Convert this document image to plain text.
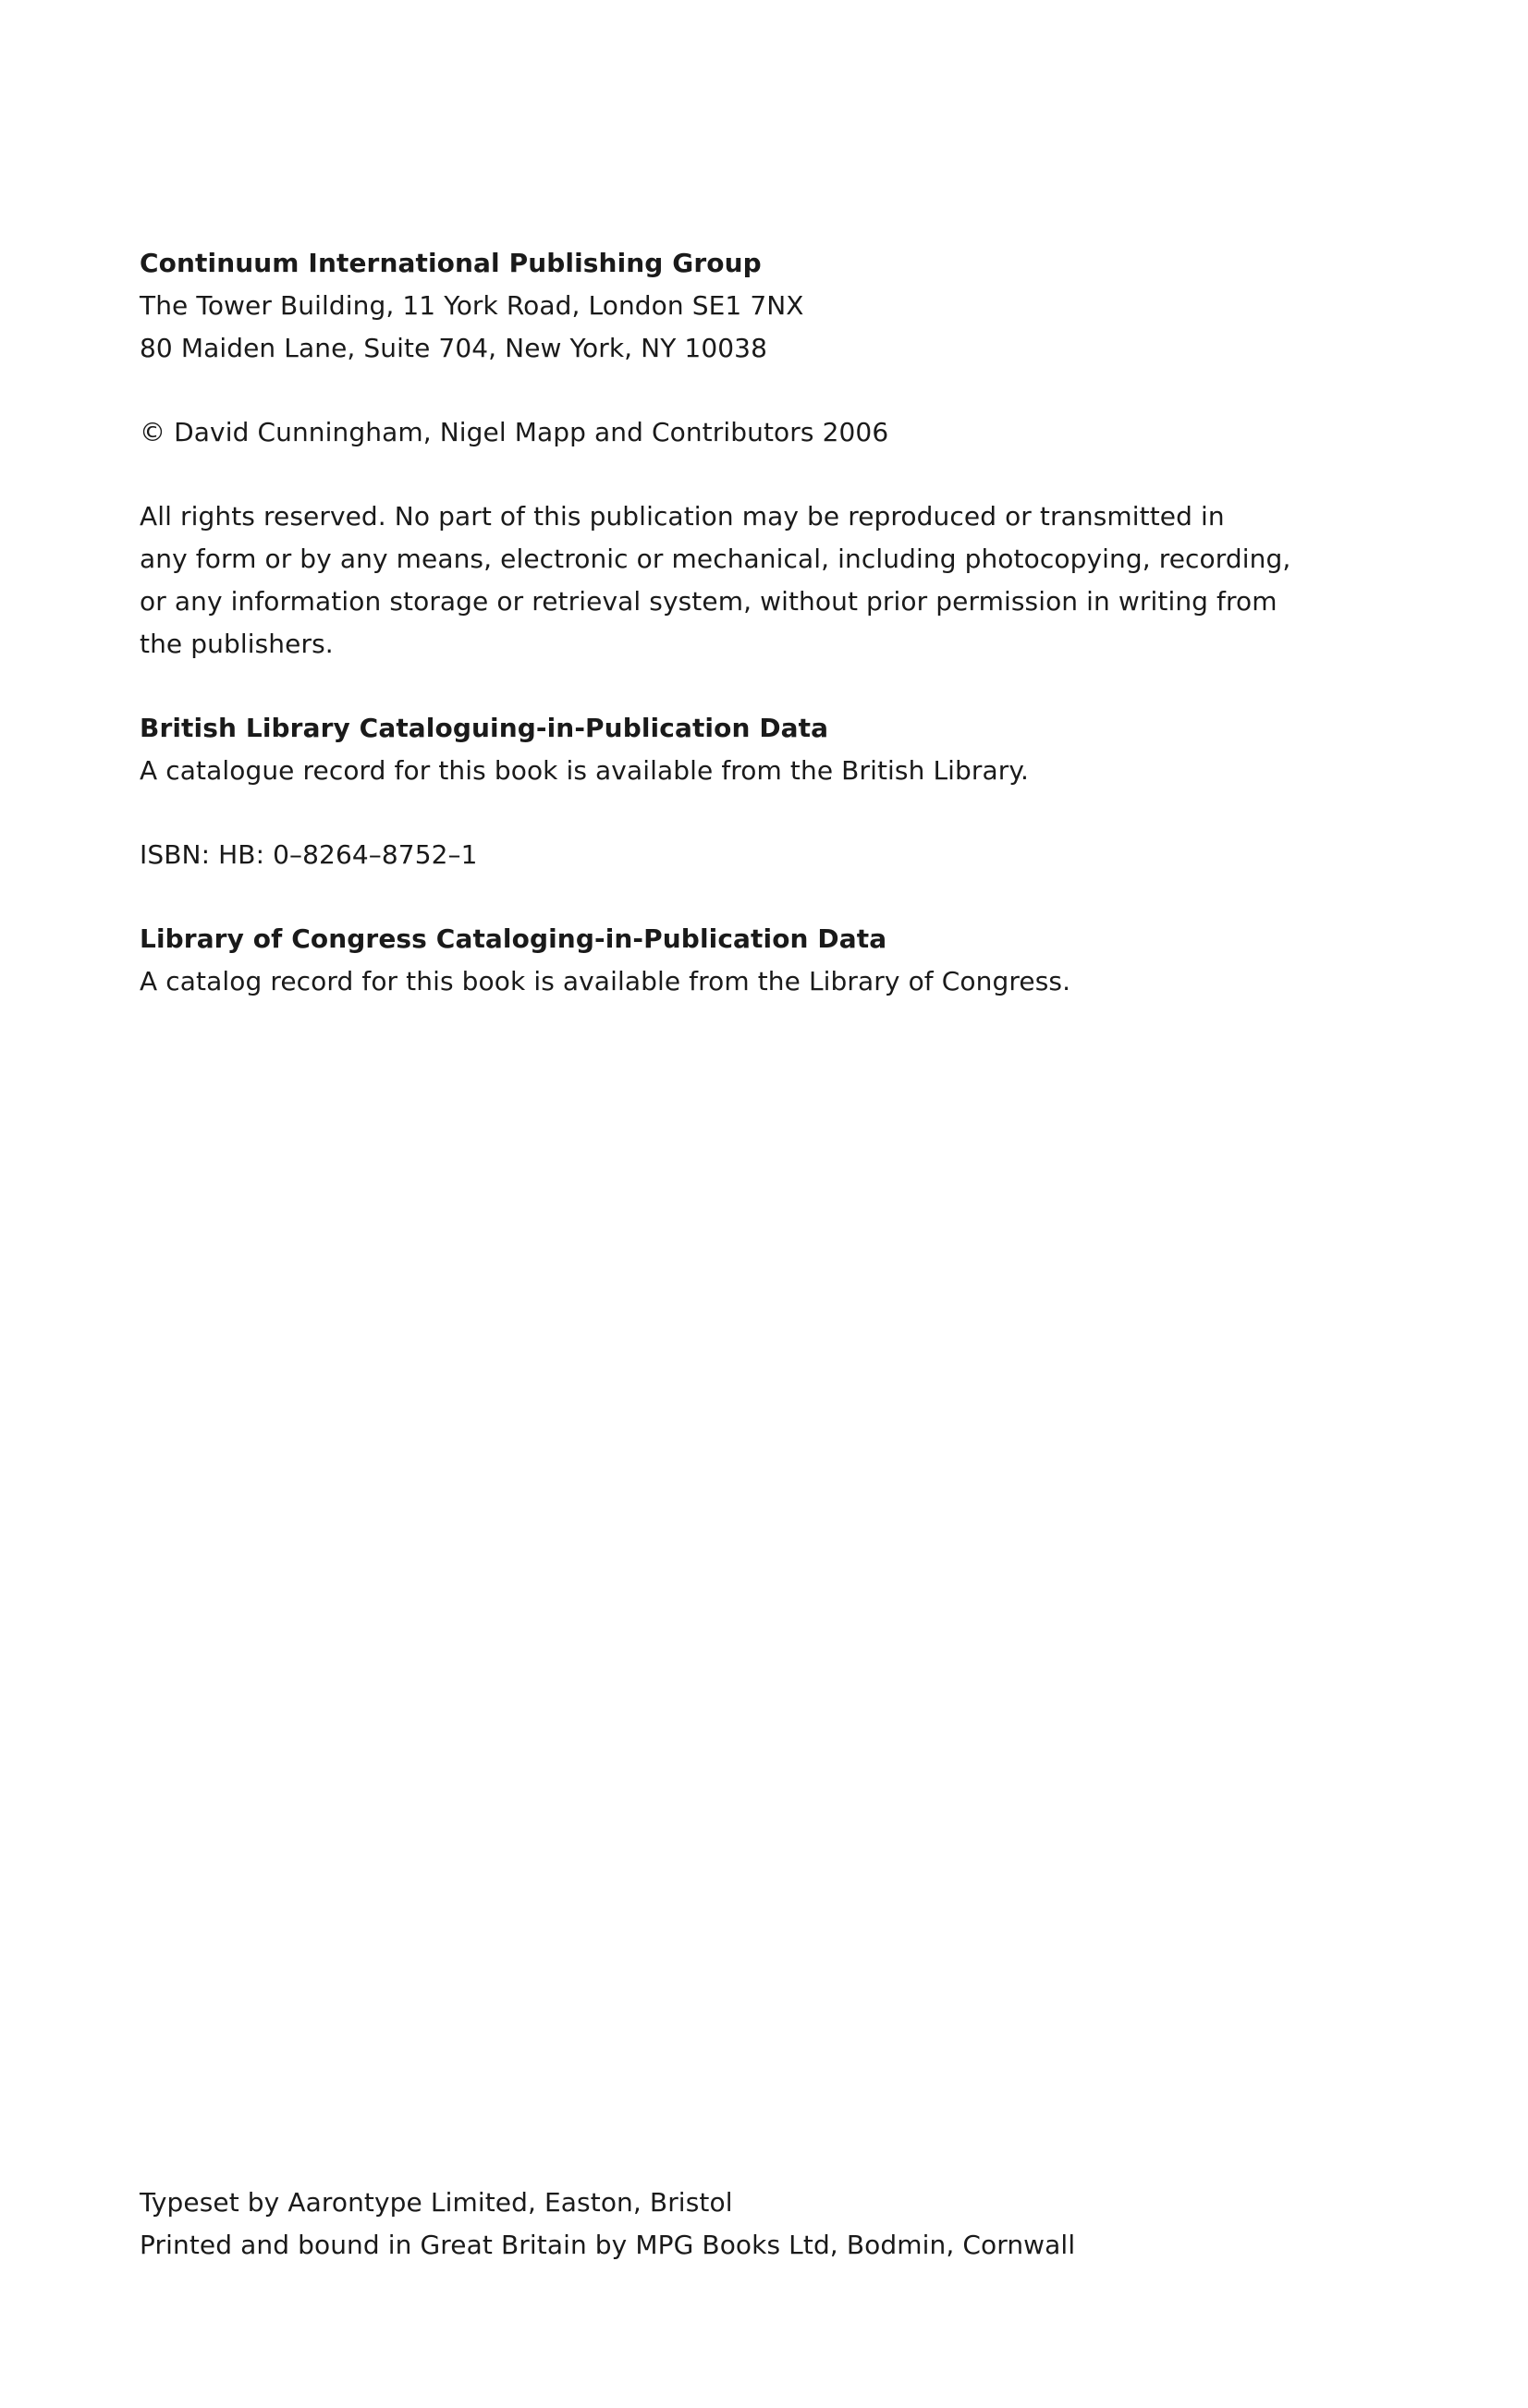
Continuum International Publishing Group
The Tower Building, 11 York Road, London SE1 7NX
80 Maiden Lane, Suite 704, New York, NY 10038
© David Cunningham, Nigel Mapp and Contributors 2006
All rights reserved. No part of this publication may be reproduced or transmitted in
any form or by any means, electronic or mechanical, including photocopying, recording,
or any information storage or retrieval system, without prior permission in writing from
the publishers.
British Library Cataloguing-in-Publication Data
A catalogue record for this book is available from the British Library.
ISBN: HB: 0–8264–8752–1
Library of Congress Cataloging-in-Publication Data
A catalog record for this book is available from the Library of Congress.
Typeset by Aarontype Limited, Easton, Bristol
Printed and bound in Great Britain by MPG Books Ltd, Bodmin, Cornwall
